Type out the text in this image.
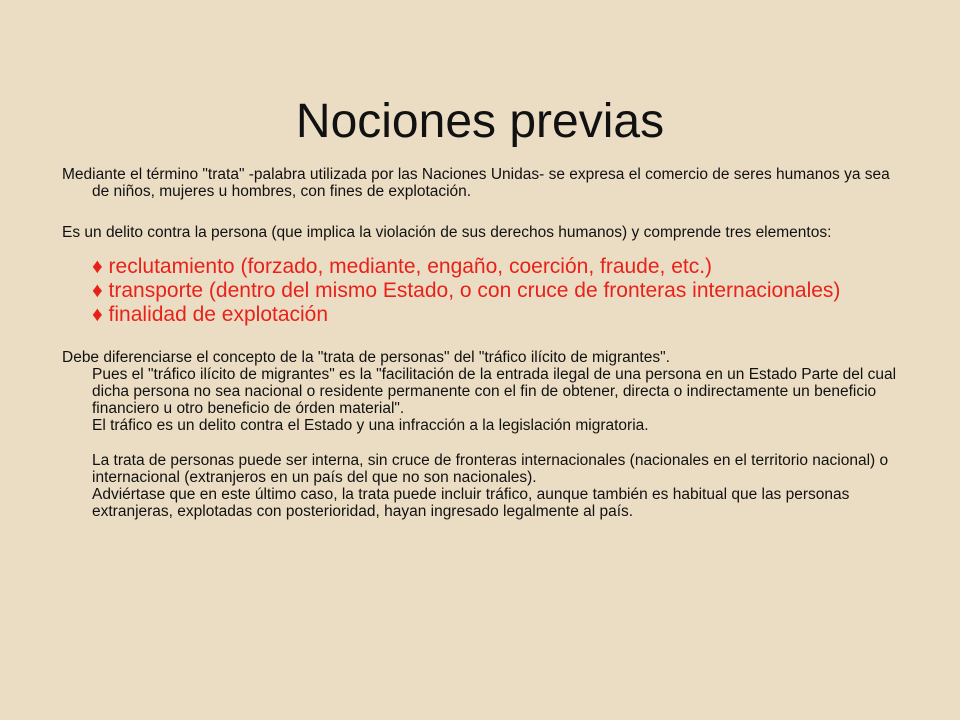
Nociones previas

Mediante el término "trata" -palabra utilizada por las Naciones Unidas- se expresa el comercio de seres humanos ya sea de niños, mujeres u hombres, con fines de explotación.

Es un delito contra la persona (que implica la violación de sus derechos humanos) y comprende tres elementos:

♦ reclutamiento (forzado, mediante, engaño, coerción, fraude, etc.)

♦ transporte (dentro del mismo Estado, o con cruce de fronteras internacionales)

♦ finalidad de explotación

Debe diferenciarse el concepto de la "trata de personas" del "tráfico ilícito de migrantes".

Pues el "tráfico ilícito de migrantes" es la "facilitación de la entrada ilegal de una persona en un Estado Parte del cual dicha persona no sea nacional o residente permanente con el fin de obtener, directa o indirectamente un beneficio financiero u otro beneficio de órden material".

El tráfico es un delito contra el Estado y una infracción a la legislación migratoria.

La trata de personas puede ser interna, sin cruce de fronteras internacionales (nacionales en el territorio nacional) o internacional (extranjeros en un país del que no son nacionales).

Adviértase que en este último caso, la trata puede incluir tráfico, aunque también es habitual que las personas extranjeras, explotadas con posterioridad, hayan ingresado legalmente al país.
